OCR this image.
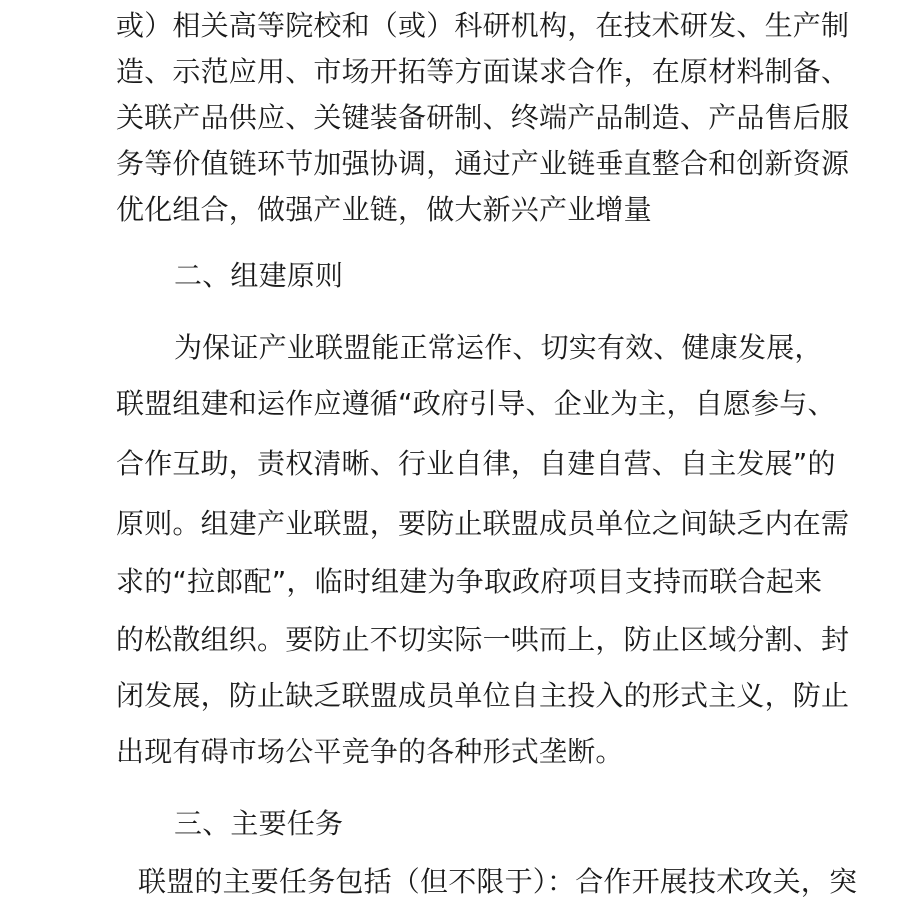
或）相关高等院校和（或）科研机构，在技术研发、生产制
造、示范应用、市场开拓等方面谋求合作，在原材料制备、
关联产品供应、关键装备研制、终端产品制造、产品售后服
务等价值链环节加强协调，通过产业链垂直整合和创新资源
优化组合，做强产业链，做大新兴产业增量
二、组建原则
为保证产业联盟能正常运作、切实有效、健康发展，
联盟组建和运作应遵循“政府引导、企业为主，自愿参与、
合作互助，责权清晰、行业自律，自建自营、自主发展”的
原则。组建产业联盟，要防止联盟成员单位之间缺乏内在需
求的“拉郎配”，临时组建为争取政府项目支持而联合起来
的松散组织。要防止不切实际一哄而上，防止区域分割、封
闭发展，防止缺乏联盟成员单位自主投入的形式主义，防止
出现有碍市场公平竞争的各种形式垄断。
三、主要任务
联盟的主要任务包括（但不限于）：合作开展技术攻关，突
